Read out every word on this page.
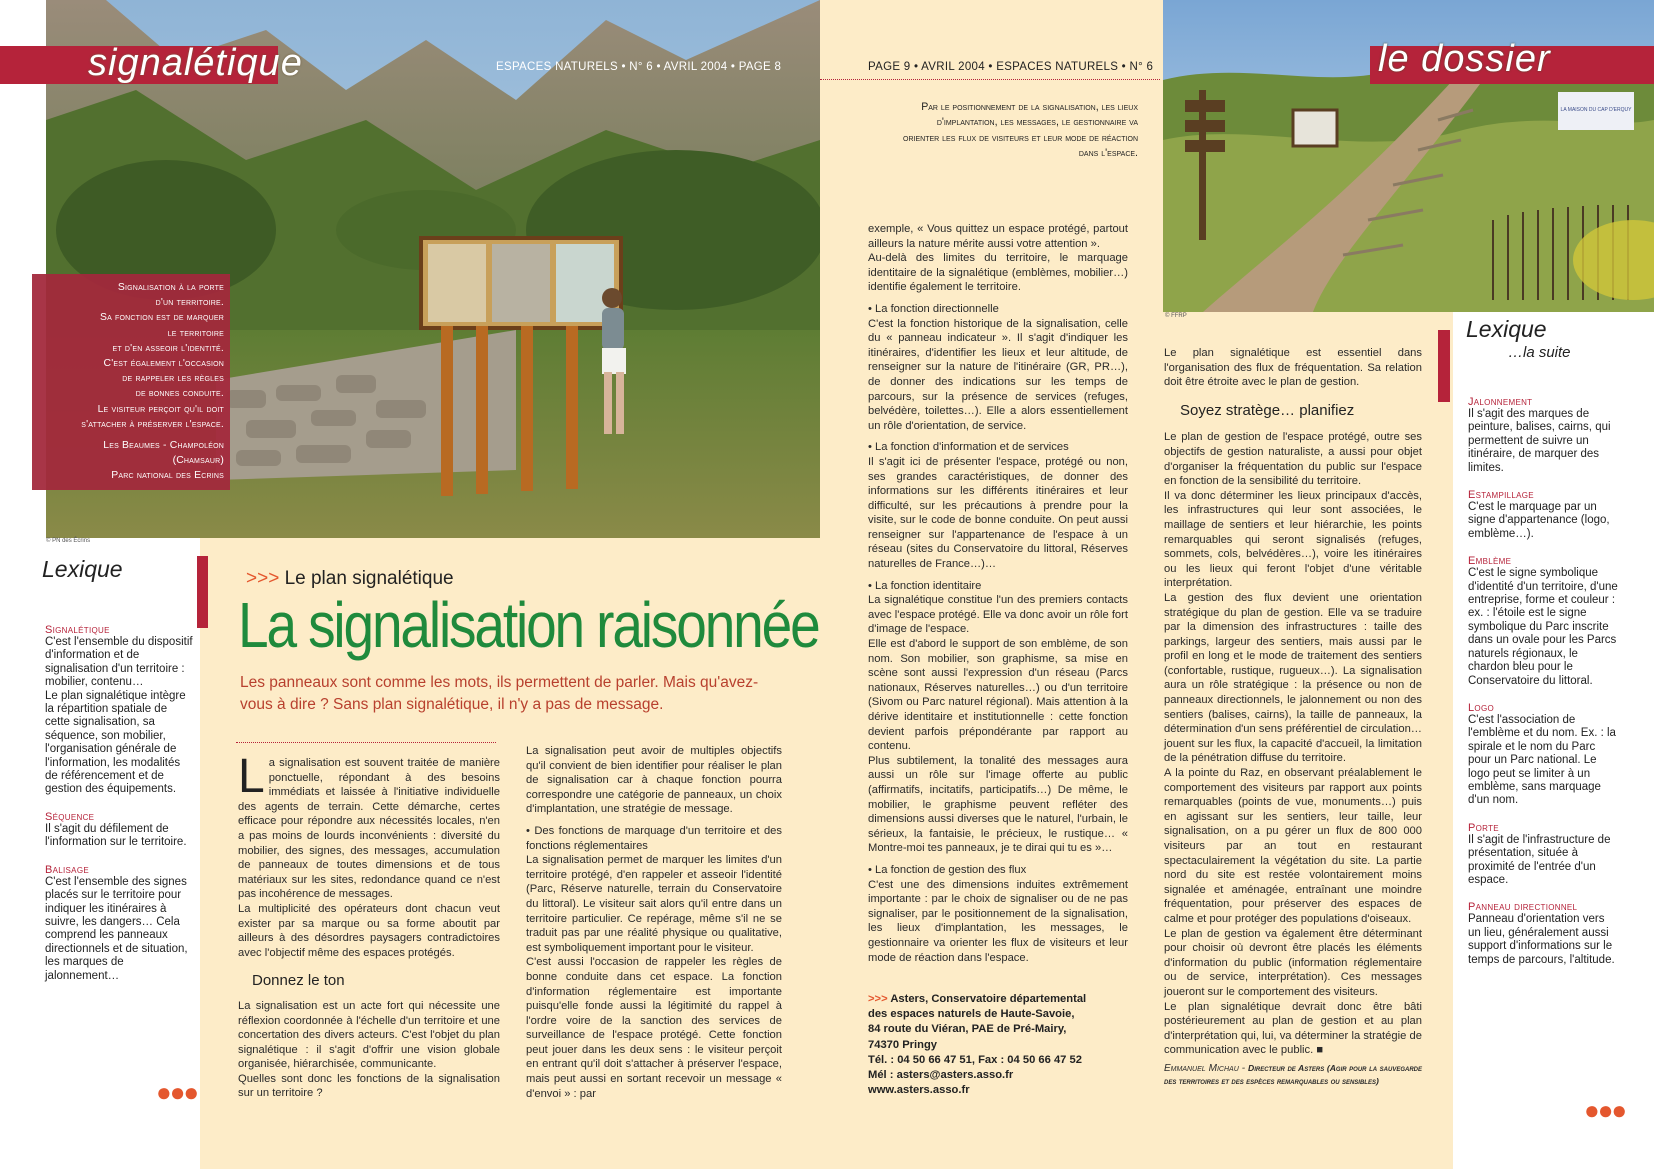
© PN des Écrins
signalétique	ESPACES NATURELS • N° 6 • AVRIL 2004 • PAGE 8
Signalisation à la porte
d'un territoire.
Sa fonction est de marquer
le territoire
et d'en asseoir l'identité.
C'est également l'occasion
de rappeler les règles
de bonnes conduite.
Le visiteur perçoit qu'il doit
s'attacher à préserver l'espace.
Les Beaumes - Champoléon
(Chamsaur)
Parc national des Ecrins
LA MAISON DU CAP D'ERQUY
© FFRP
le dossier
PAGE 9 • AVRIL 2004 • ESPACES NATURELS • N° 6
Lexique
Signalétique
C'est l'ensemble du dispositif d'information et de signalisation d'un territoire : mobilier, contenu…
Le plan signalétique intègre la répartition spatiale de cette signalisation, sa séquence, son mobilier, l'organisation générale de l'information, les modalités de référencement et de gestion des équipements.
Séquence
Il s'agit du défilement de l'information sur le territoire.
Balisage
C'est l'ensemble des signes placés sur le territoire pour indiquer les itinéraires à suivre, les dangers… Cela comprend les panneaux directionnels et de situation, les marques de jalonnement…
●●●
>>> Le plan signalétique
La signalisation raisonnée
Les panneaux sont comme les mots, ils permettent de parler. Mais qu'avez-vous à dire ? Sans plan signalétique, il n'y a pas de message.

La signalisation est souvent traitée de manière ponctuelle, répondant à des besoins immédiats et laissée à l'initiative individuelle des agents de terrain. Cette démarche, certes efficace pour répondre aux nécessités locales, n'en a pas moins de lourds inconvénients : diversité du mobilier, des signes, des messages, accumulation de panneaux de toutes dimensions et de tous matériaux sur les sites, redondance quand ce n'est pas incohérence de messages.

La multiplicité des opérateurs dont chacun veut exister par sa marque ou sa forme aboutit par ailleurs à des désordres paysagers contradictoires avec l'objectif même des espaces protégés.

Donnez le ton

La signalisation est un acte fort qui nécessite une réflexion coordonnée à l'échelle d'un territoire et une concertation des divers acteurs. C'est l'objet du plan signalétique : il s'agit d'offrir une vision globale organisée, hiérarchisée, communicante.

Quelles sont donc les fonctions de la signalisation sur un territoire ?

La signalisation peut avoir de multiples objectifs qu'il convient de bien identifier pour réaliser le plan de signalisation car à chaque fonction pourra correspondre une catégorie de panneaux, un choix d'implantation, une stratégie de message.

• Des fonctions de marquage d'un territoire et des fonctions réglementaires

La signalisation permet de marquer les limites d'un territoire protégé, d'en rappeler et asseoir l'identité (Parc, Réserve naturelle, terrain du Conservatoire du littoral). Le visiteur sait alors qu'il entre dans un territoire particulier. Ce repérage, même s'il ne se traduit pas par une réalité physique ou qualitative, est symboliquement important pour le visiteur.

C'est aussi l'occasion de rappeler les règles de bonne conduite dans cet espace. La fonction d'information réglementaire est importante puisqu'elle fonde aussi la légitimité du rappel à l'ordre voire de la sanction des services de surveillance de l'espace protégé. Cette fonction peut jouer dans les deux sens : le visiteur perçoit en entrant qu'il doit s'attacher à préserver l'espace, mais peut aussi en sortant recevoir un message « d'envoi » : par

Par le positionnement de la signalisation, les lieux d'implantation, les messages, le gestionnaire va orienter les flux de visiteurs et leur mode de réaction dans l'espace.

exemple, « Vous quittez un espace protégé, partout ailleurs la nature mérite aussi votre attention ».

Au-delà des limites du territoire, le marquage identitaire de la signalétique (emblèmes, mobilier…) identifie également le territoire.

• La fonction directionnelle

C'est la fonction historique de la signalisation, celle du « panneau indicateur ». Il s'agit d'indiquer les itinéraires, d'identifier les lieux et leur altitude, de renseigner sur la nature de l'itinéraire (GR, PR…), de donner des indications sur les temps de parcours, sur la présence de services (refuges, belvédère, toilettes…). Elle a alors essentiellement un rôle d'orientation, de service.

• La fonction d'information et de services

Il s'agit ici de présenter l'espace, protégé ou non, ses grandes caractéristiques, de donner des informations sur les différents itinéraires et leur difficulté, sur les précautions à prendre pour la visite, sur le code de bonne conduite. On peut aussi renseigner sur l'appartenance de l'espace à un réseau (sites du Conservatoire du littoral, Réserves naturelles de France…)…

• La fonction identitaire

La signalétique constitue l'un des premiers contacts avec l'espace protégé. Elle va donc avoir un rôle fort d'image de l'espace.

Elle est d'abord le support de son emblème, de son nom. Son mobilier, son graphisme, sa mise en scène sont aussi l'expression d'un réseau (Parcs nationaux, Réserves naturelles…) ou d'un territoire (Sivom ou Parc naturel régional). Mais attention à la dérive identitaire et institutionnelle : cette fonction devient parfois prépondérante par rapport au contenu.

Plus subtilement, la tonalité des messages aura aussi un rôle sur l'image offerte au public (affirmatifs, incitatifs, participatifs…) De même, le mobilier, le graphisme peuvent refléter des dimensions aussi diverses que le naturel, l'urbain, le sérieux, la fantaisie, le précieux, le rustique… « Montre-moi tes panneaux, je te dirai qui tu es »…

• La fonction de gestion des flux

C'est une des dimensions induites extrêmement importante : par le choix de signaliser ou de ne pas signaliser, par le positionnement de la signalisation, les lieux d'implantation, les messages, le gestionnaire va orienter les flux de visiteurs et leur mode de réaction dans l'espace.

>>> Asters, Conservatoire départemental
des espaces naturels de Haute-Savoie,
84 route du Viéran, PAE de Pré-Mairy,
74370 Pringy
Tél. : 04 50 66 47 51, Fax : 04 50 66 47 52
Mél : asters@asters.asso.fr
www.asters.asso.fr

Le plan signalétique est essentiel dans l'organisation des flux de fréquentation. Sa relation doit être étroite avec le plan de gestion.

Soyez stratège… planifiez

Le plan de gestion de l'espace protégé, outre ses objectifs de gestion naturaliste, a aussi pour objet d'organiser la fréquentation du public sur l'espace en fonction de la sensibilité du territoire.

Il va donc déterminer les lieux principaux d'accès, les infrastructures qui leur sont associées, le maillage de sentiers et leur hiérarchie, les points remarquables qui seront signalisés (refuges, sommets, cols, belvédères…), voire les itinéraires ou les lieux qui feront l'objet d'une véritable interprétation.

La gestion des flux devient une orientation stratégique du plan de gestion. Elle va se traduire par la dimension des infrastructures : taille des parkings, largeur des sentiers, mais aussi par le profil en long et le mode de traitement des sentiers (confortable, rustique, rugueux…). La signalisation aura un rôle stratégique : la présence ou non de panneaux directionnels, le jalonnement ou non des sentiers (balises, cairns), la taille de panneaux, la détermination d'un sens préférentiel de circulation… jouent sur les flux, la capacité d'accueil, la limitation de la pénétration diffuse du territoire.

A la pointe du Raz, en observant préalablement le comportement des visiteurs par rapport aux points remarquables (points de vue, monuments…) puis en agissant sur les sentiers, leur taille, leur signalisation, on a pu gérer un flux de 800 000 visiteurs par an tout en restaurant spectaculairement la végétation du site. La partie nord du site est restée volontairement moins signalée et aménagée, entraînant une moindre fréquentation, pour préserver des espaces de calme et pour protéger des populations d'oiseaux.

Le plan de gestion va également être déterminant pour choisir où devront être placés les éléments d'information du public (information réglementaire ou de service, interprétation). Ces messages joueront sur le comportement des visiteurs.

Le plan signalétique devrait donc être bâti postérieurement au plan de gestion et au plan d'interprétation qui, lui, va déterminer la stratégie de communication avec le public. ■

Emmanuel Michau - Directeur de Asters (Agir pour la sauvegarde des territoires et des espèces remarquables ou sensibles)

Lexique
…la suite
Jalonnement
Il s'agit des marques de peinture, balises, cairns, qui permettent de suivre un itinéraire, de marquer des limites.
Estampillage
C'est le marquage par un signe d'appartenance (logo, emblème…).
Emblème
C'est le signe symbolique d'identité d'un territoire, d'une entreprise, forme et couleur : ex. : l'étoile est le signe symbolique du Parc inscrite dans un ovale pour les Parcs naturels régionaux, le chardon bleu pour le Conservatoire du littoral.
Logo
C'est l'association de l'emblème et du nom. Ex. : la spirale et le nom du Parc pour un Parc national. Le logo peut se limiter à un emblème, sans marquage d'un nom.
Porte
Il s'agit de l'infrastructure de présentation, située à proximité de l'entrée d'un espace.
Panneau directionnel
Panneau d'orientation vers un lieu, généralement aussi support d'informations sur le temps de parcours, l'altitude.
●●●
